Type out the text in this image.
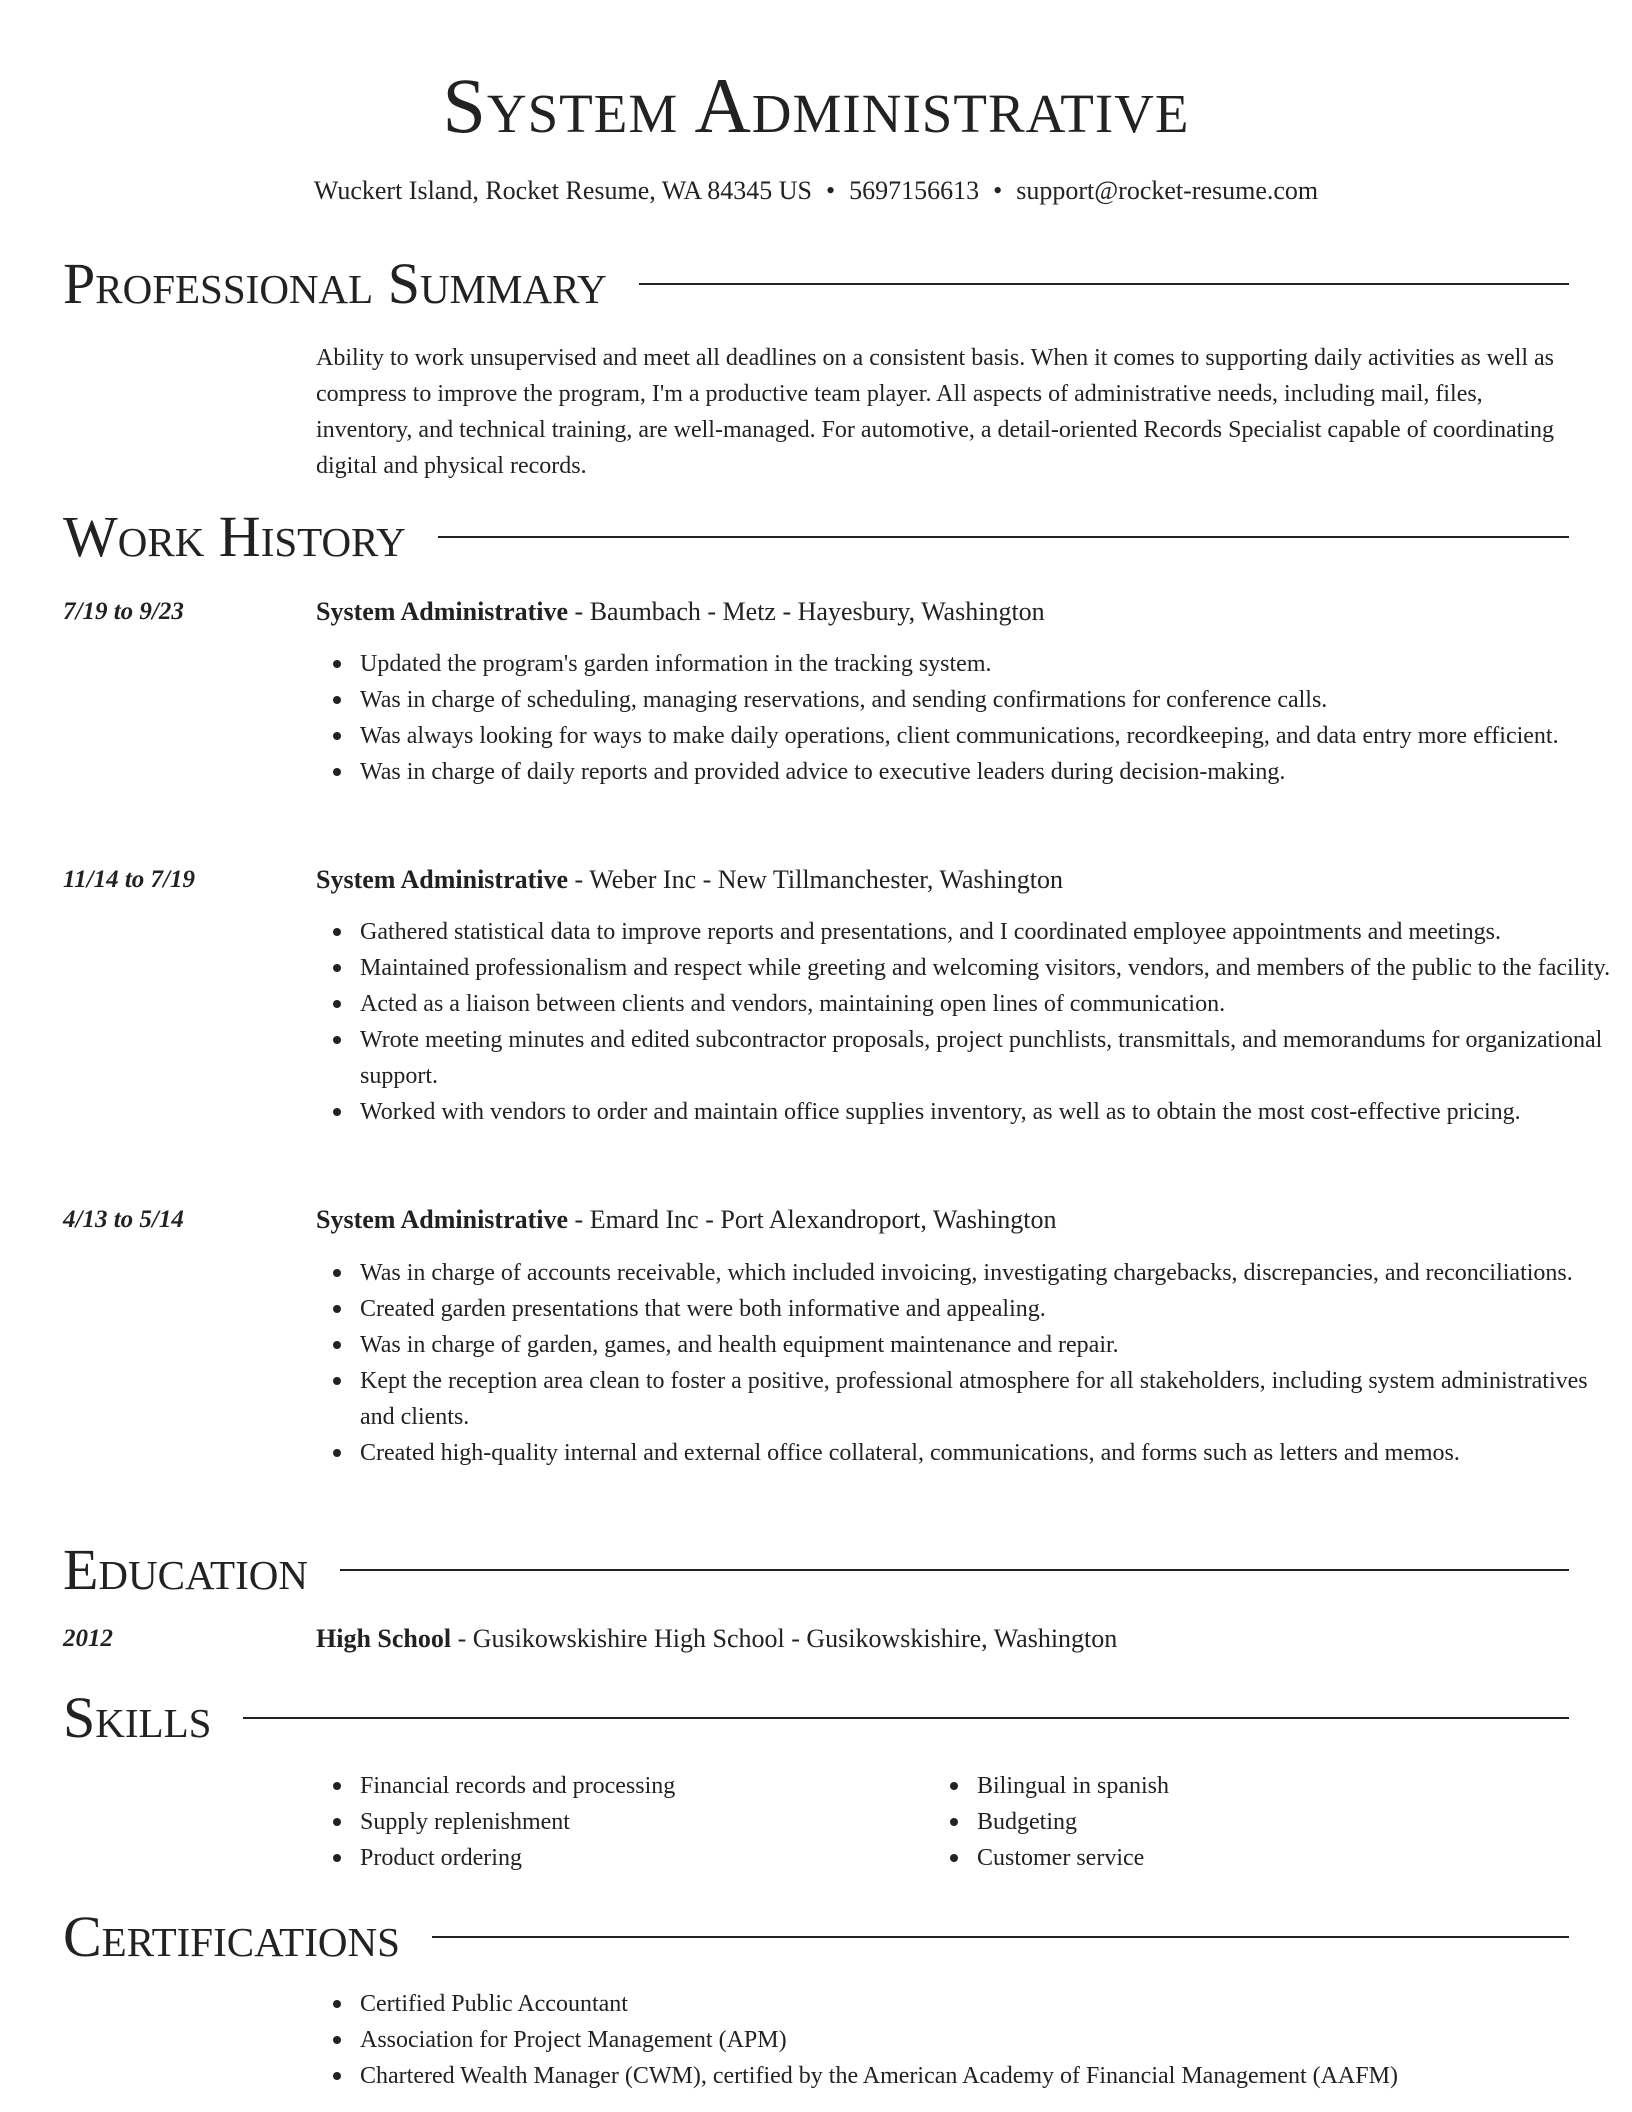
System Administrative
Wuckert Island, Rocket Resume, WA 84345 US • 5697156613 • support@rocket-resume.com
Professional Summary
Ability to work unsupervised and meet all deadlines on a consistent basis. When it comes to supporting daily activities as well as compress to improve the program, I'm a productive team player. All aspects of administrative needs, including mail, files, inventory, and technical training, are well-managed. For automotive, a detail-oriented Records Specialist capable of coordinating digital and physical records.
Work History
7/19 to 9/23	System Administrative - Baumbach - Metz - Hayesbury, Washington
Updated the program's garden information in the tracking system.
Was in charge of scheduling, managing reservations, and sending confirmations for conference calls.
Was always looking for ways to make daily operations, client communications, recordkeeping, and data entry more efficient.
Was in charge of daily reports and provided advice to executive leaders during decision-making.
11/14 to 7/19	System Administrative - Weber Inc - New Tillmanchester, Washington
Gathered statistical data to improve reports and presentations, and I coordinated employee appointments and meetings.
Maintained professionalism and respect while greeting and welcoming visitors, vendors, and members of the public to the facility.
Acted as a liaison between clients and vendors, maintaining open lines of communication.
Wrote meeting minutes and edited subcontractor proposals, project punchlists, transmittals, and memorandums for organizational support.
Worked with vendors to order and maintain office supplies inventory, as well as to obtain the most cost-effective pricing.
4/13 to 5/14	System Administrative - Emard Inc - Port Alexandroport, Washington
Was in charge of accounts receivable, which included invoicing, investigating chargebacks, discrepancies, and reconciliations.
Created garden presentations that were both informative and appealing.
Was in charge of garden, games, and health equipment maintenance and repair.
Kept the reception area clean to foster a positive, professional atmosphere for all stakeholders, including system administratives and clients.
Created high-quality internal and external office collateral, communications, and forms such as letters and memos.
Education
2012	High School - Gusikowskishire High School - Gusikowskishire, Washington
Skills
Financial records and processing
Supply replenishment
Product ordering
Bilingual in spanish
Budgeting
Customer service
Certifications
Certified Public Accountant
Association for Project Management (APM)
Chartered Wealth Manager (CWM), certified by the American Academy of Financial Management (AAFM)
